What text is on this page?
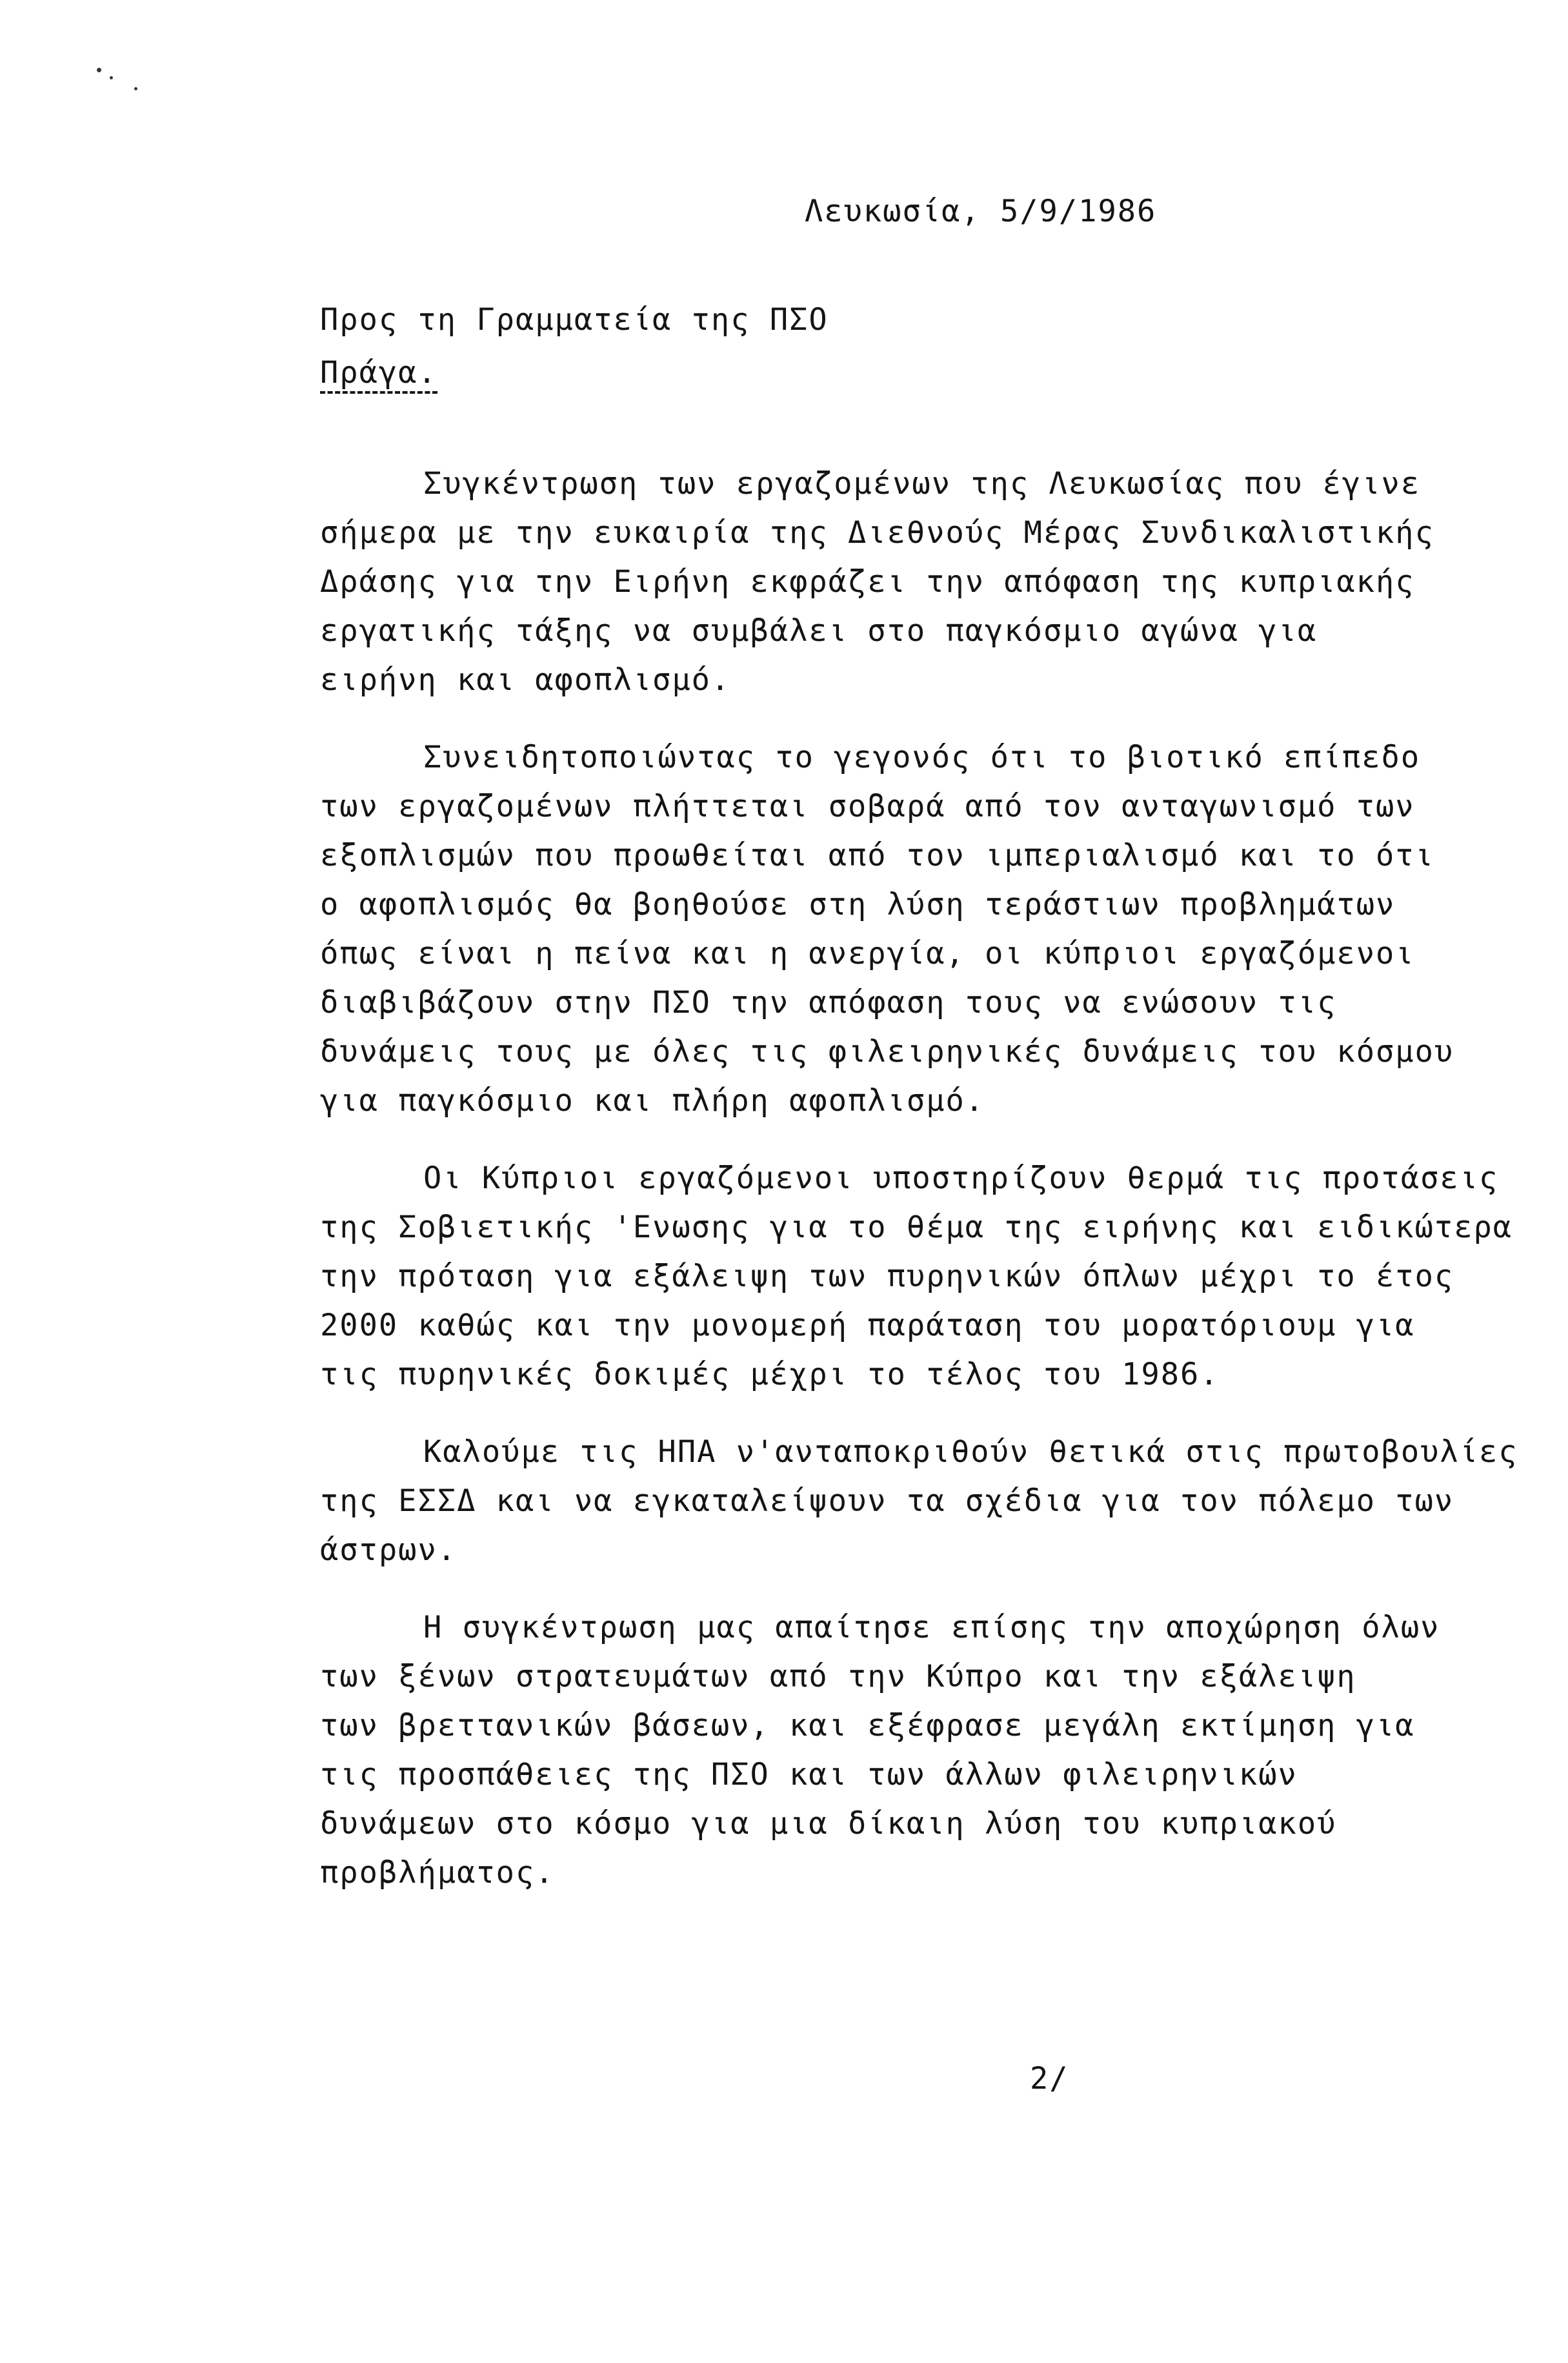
Λευκωσία, 5/9/1986
Προς τη Γραμματεία της ΠΣΟ
Πράγα.
Συγκέντρωση των εργαζομένων της Λευκωσίας που έγινε
σήμερα με την ευκαιρία της Διεθνούς Μέρας Συνδικαλιστικής
Δράσης για την Ειρήνη εκφράζει την απόφαση της κυπριακής
εργατικής τάξης να συμβάλει στο παγκόσμιο αγώνα για
ειρήνη και αφοπλισμό.
Συνειδητοποιώντας το γεγονός ότι το βιοτικό επίπεδο
των εργαζομένων πλήττεται σοβαρά από τον ανταγωνισμό των
εξοπλισμών που προωθείται από τον ιμπεριαλισμό και το ότι
ο αφοπλισμός θα βοηθούσε στη λύση τεράστιων προβλημάτων
όπως είναι η πείνα και η ανεργία, οι κύπριοι εργαζόμενοι
διαβιβάζουν στην ΠΣΟ την απόφαση τους να ενώσουν τις
δυνάμεις τους με όλες τις φιλειρηνικές δυνάμεις του κόσμου
για παγκόσμιο και πλήρη αφοπλισμό.
Οι Κύπριοι εργαζόμενοι υποστηρίζουν θερμά τις προτάσεις
της Σοβιετικής 'Ενωσης για το θέμα της ειρήνης και ειδικώτερα
την πρόταση για εξάλειψη των πυρηνικών όπλων μέχρι το έτος
2000 καθώς και την μονομερή παράταση του μορατόριουμ για
τις πυρηνικές δοκιμές μέχρι το τέλος του 1986.
Καλούμε τις ΗΠΑ ν'ανταποκριθούν θετικά στις πρωτοβουλίες
της ΕΣΣΔ και να εγκαταλείψουν τα σχέδια για τον πόλεμο των
άστρων.
Η συγκέντρωση μας απαίτησε επίσης την αποχώρηση όλων
των ξένων στρατευμάτων από την Κύπρο και την εξάλειψη
των βρεττανικών βάσεων, και εξέφρασε μεγάλη εκτίμηση για
τις προσπάθειες της ΠΣΟ και των άλλων φιλειρηνικών
δυνάμεων στο κόσμο για μια δίκαιη λύση του κυπριακού
προβλήματος.
2/
